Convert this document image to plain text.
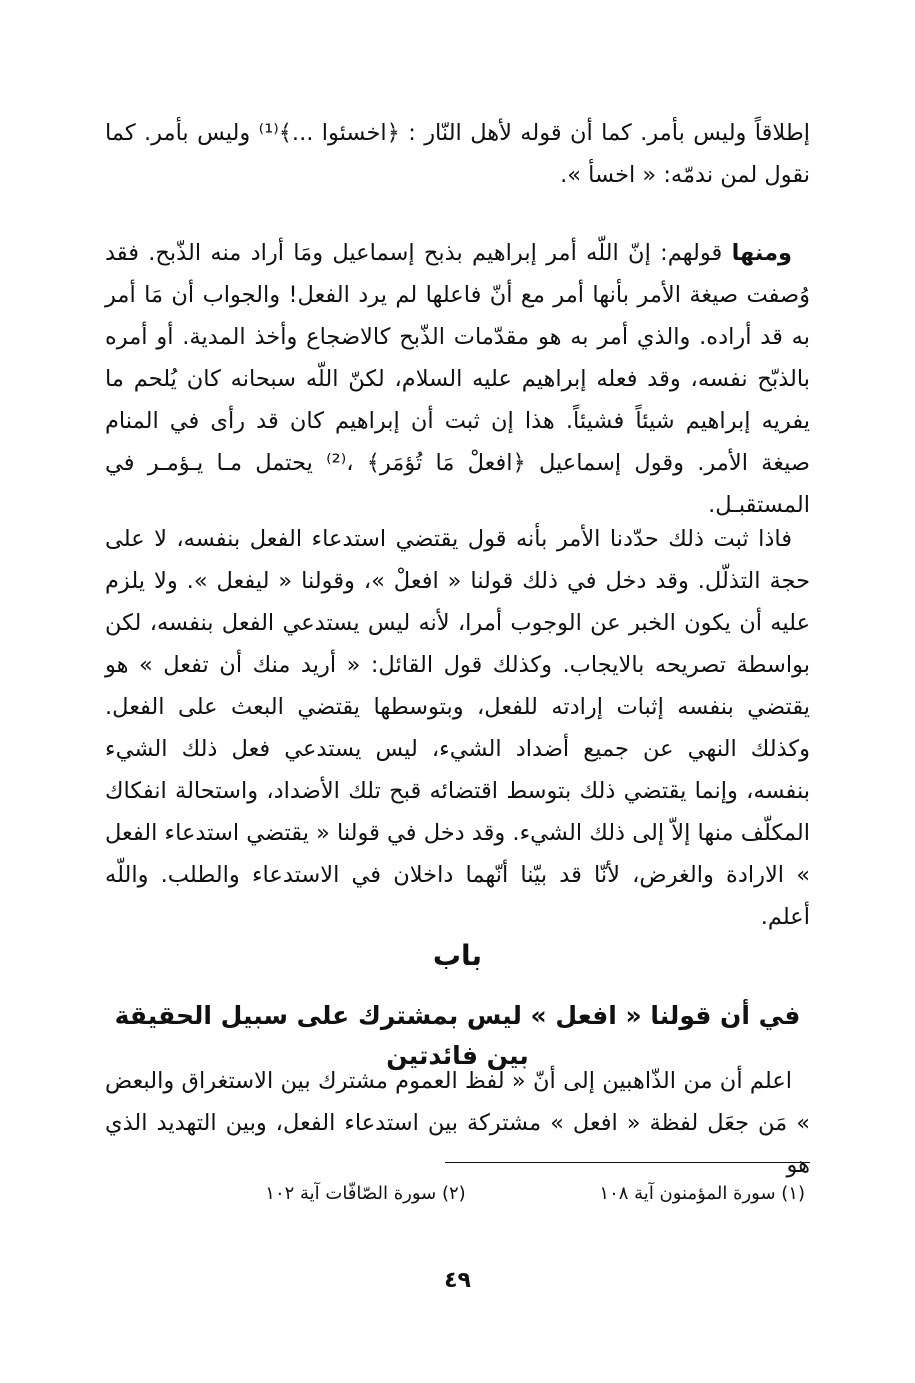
إطلاقاً وليس بأمر. كما أن قوله لأهل النّار : ﴿اخسئوا ...﴾⁽¹⁾ وليس بأمر. كما نقول لمن ندمّه: « اخسأ ».

ومنها قولهم: إنّ اللّه أمر إبراهيم بذبح إسماعيل ومَا أراد منه الذّبح. فقد وُصفت صيغة الأمر بأنها أمر مع أنّ فاعلها لم يرد الفعل! والجواب أن مَا أمر به قد أراده. والذي أمر به هو مقدّمات الذّبح كالاضجاع وأخذ المدية. أو أمره بالذبّح نفسه، وقد فعله إبراهيم عليه السلام، لكنّ اللّه سبحانه كان يُلحم ما يفريه إبراهيم شيئاً فشيئاً. هذا إن ثبت أن إبراهيم كان قد رأى في المنام صيغة الأمر. وقول إسماعيل ﴿افعلْ مَا تُؤمَر﴾ ،⁽²⁾ يحتمل مـا يـؤمـر في المستقبـل.

فاذا ثبت ذلك حدّدنا الأمر بأنه قول يقتضي استدعاء الفعل بنفسه، لا على حجة التذلّل. وقد دخل في ذلك قولنا « افعلْ »، وقولنا « ليفعل ». ولا يلزم عليه أن يكون الخبر عن الوجوب أمرا، لأنه ليس يستدعي الفعل بنفسه، لكن بواسطة تصريحه بالايجاب. وكذلك قول القائل: « أريد منك أن تفعل » هو يقتضي بنفسه إثبات إرادته للفعل، وبتوسطها يقتضي البعث على الفعل. وكذلك النهي عن جميع أضداد الشيء، ليس يستدعي فعل ذلك الشيء بنفسه، وإنما يقتضي ذلك بتوسط اقتضائه قبح تلك الأضداد، واستحالة انفكاك المكلّف منها إلاّ إلى ذلك الشيء. وقد دخل في قولنا « يقتضي استدعاء الفعل » الارادة والغرض، لأنّا قد بيّنا أنّهما داخلان في الاستدعاء والطلب. واللّه أعلم.

باب
في أن قولنا « افعل » ليس بمشترك على سبيل الحقيقة بين فائدتين

اعلم أن من الذّاهبين إلى أنّ « لفظ العموم مشترك بين الاستغراق والبعض » مَن جعَل لفظة « افعل » مشتركة بين استدعاء الفعل، وبين التهديد الذي هو

(١) سورة المؤمنون آية ١٠٨ (٢) سورة الصّافّات آية ١٠٢
٤٩
